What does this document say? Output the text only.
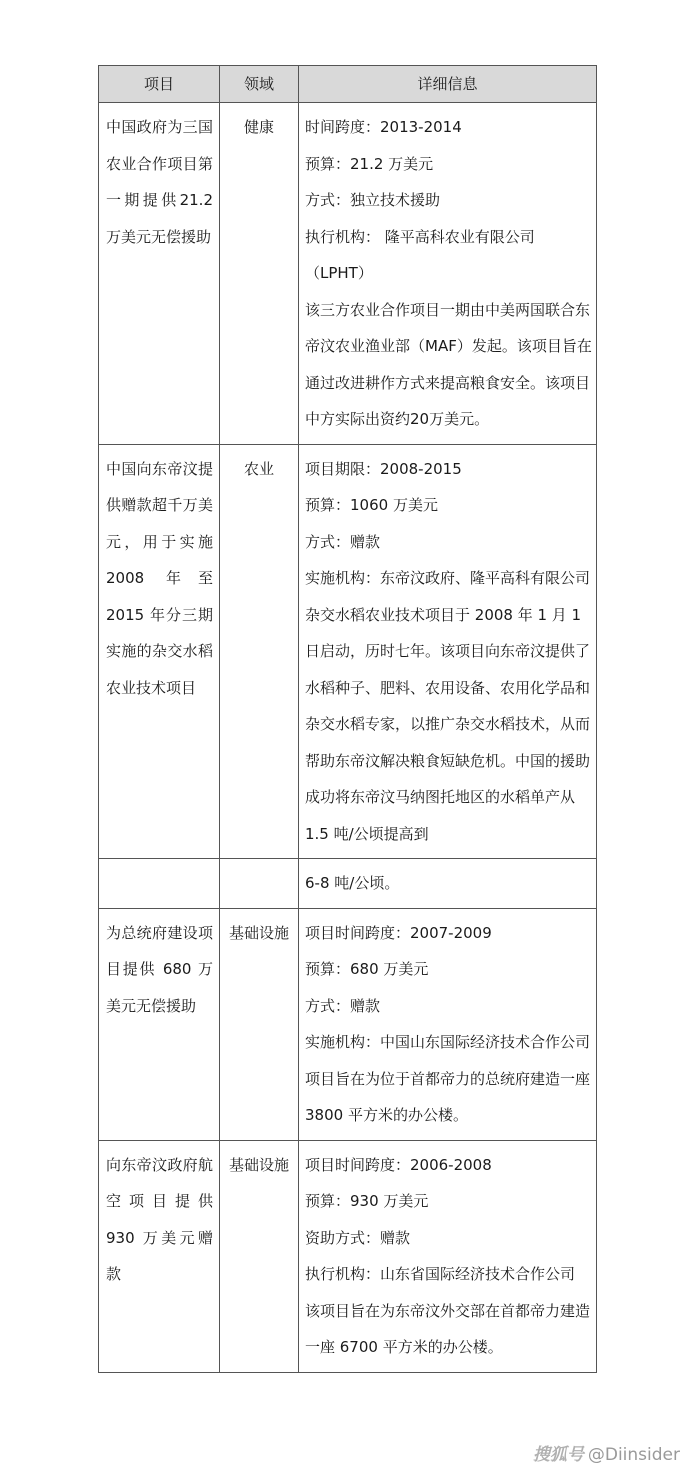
项目	领域	详细信息
中国政府为三国农业合作项目第一期提供21.2 万美元无偿援助	健康	时间跨度：2013-2014
预算：21.2 万美元
方式：独立技术援助
执行机构： 隆平高科农业有限公司（LPHT）
该三方农业合作项目一期由中美两国联合东帝汶农业渔业部（MAF）发起。该项目旨在通过改进耕作方式来提高粮食安全。该项目中方实际出资约20万美元。

中国向东帝汶提供赠款超千万美元，用于实施 2008 年至 2015 年分三期实施的杂交水稻农业技术项目	农业	项目期限：2008-2015
预算：1060 万美元
方式：赠款
实施机构：东帝汶政府、隆平高科有限公司
杂交水稻农业技术项目于 2008 年 1 月 1 日启动，历时七年。该项目向东帝汶提供了水稻种子、肥料、农用设备、农用化学品和杂交水稻专家，以推广杂交水稻技术，从而帮助东帝汶解决粮食短缺危机。中国的援助成功将东帝汶马纳图托地区的水稻单产从 1.5 吨/公顷提高到

		6-8 吨/公顷。

为总统府建设项目提供 680 万美元无偿援助	基础设施	项目时间跨度：2007-2009
预算：680 万美元
方式：赠款
实施机构：中国山东国际经济技术合作公司
项目旨在为位于首都帝力的总统府建造一座 3800 平方米的办公楼。

向东帝汶政府航空项目提供 930 万美元赠款	基础设施	项目时间跨度：2006-2008
预算：930 万美元
资助方式：赠款
执行机构：山东省国际经济技术合作公司
该项目旨在为东帝汶外交部在首都帝力建造一座 6700 平方米的办公楼。
搜狐号 @Diinsider
